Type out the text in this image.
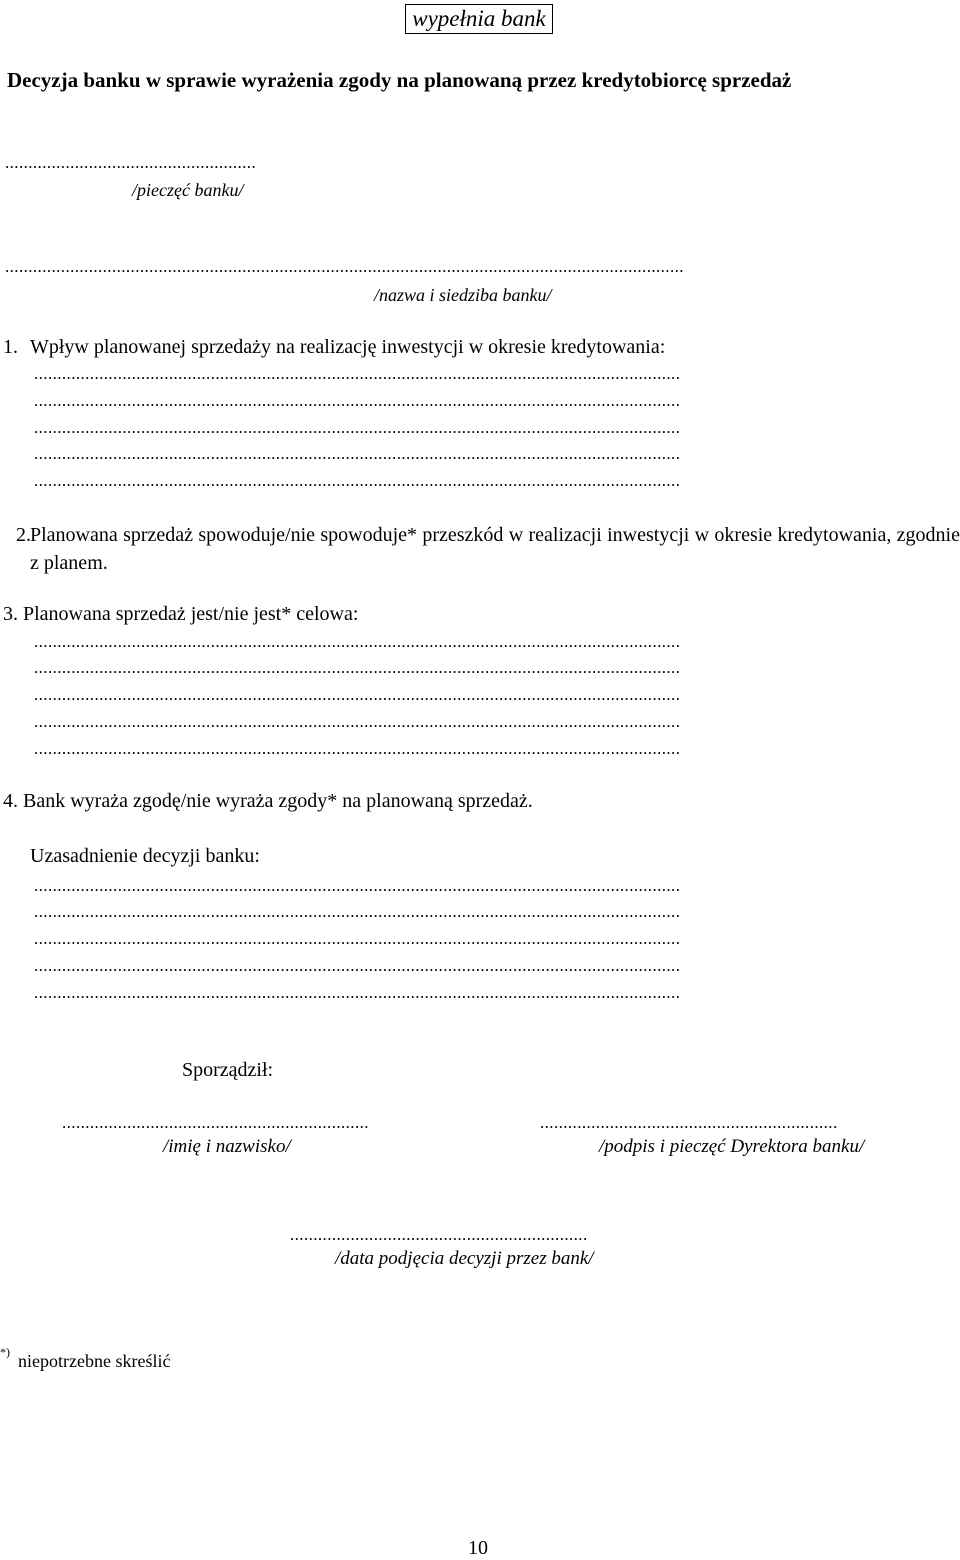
wypełnia bank
Decyzja banku w sprawie wyrażenia zgody na planowaną przez kredytobiorcę sprzedaż
......................................................
/pieczęć banku/
..................................................................................................................................................
/nazwa i siedziba banku/
1. Wpływ planowanej sprzedaży na realizację inwestycji w okresie kredytowania:
...........................................................................................................................................
...........................................................................................................................................
...........................................................................................................................................
...........................................................................................................................................
...........................................................................................................................................
2. Planowana sprzedaż spowoduje/nie spowoduje* przeszkód w realizacji inwestycji w okresie kredytowania, zgodnie z planem.
3. Planowana sprzedaż jest/nie jest* celowa:
...........................................................................................................................................
...........................................................................................................................................
...........................................................................................................................................
...........................................................................................................................................
...........................................................................................................................................
4. Bank wyraża zgodę/nie wyraża zgody* na planowaną sprzedaż.
Uzasadnienie decyzji banku:
...........................................................................................................................................
...........................................................................................................................................
...........................................................................................................................................
...........................................................................................................................................
...........................................................................................................................................
Sporządził:
..................................................................
/imię i nazwisko/
................................................................
/podpis i pieczęć Dyrektora banku/
................................................................
/data podjęcia decyzji przez bank/
*) niepotrzebne skreślić
10
